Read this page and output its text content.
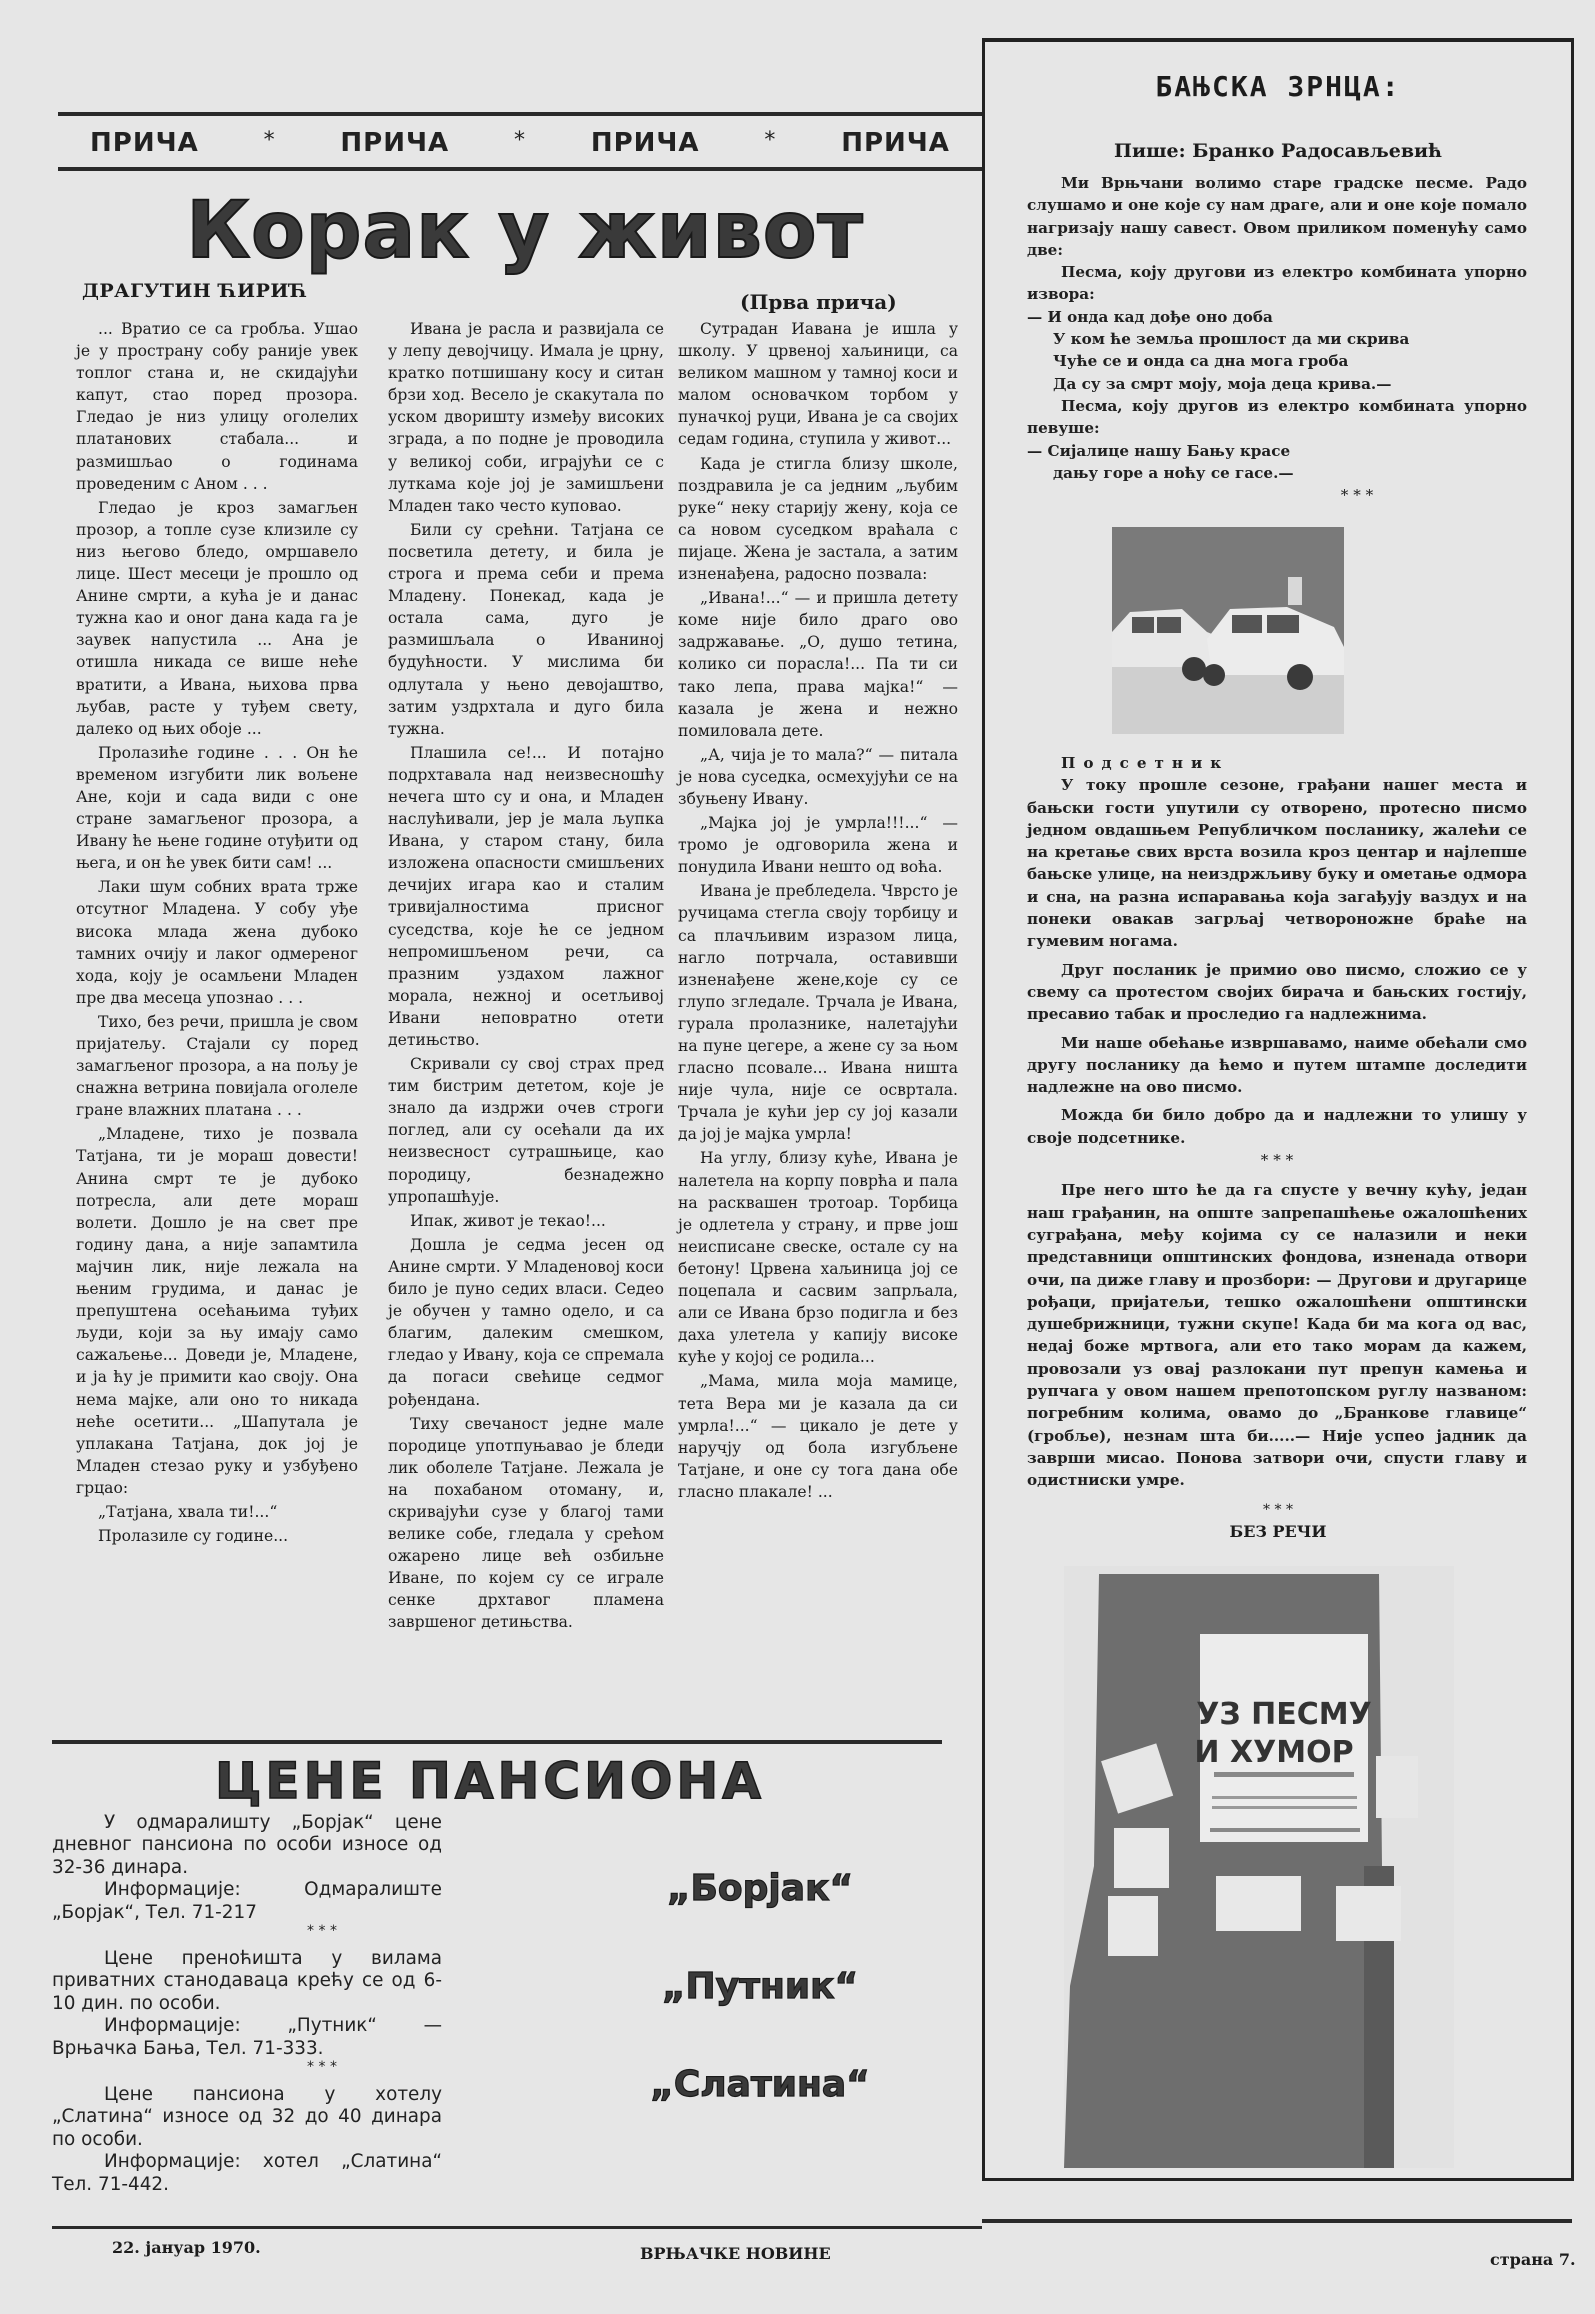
ПРИЧА	* ПРИЧА	* ПРИЧА	* ПРИЧА
Корак у живот
ДРАГУТИН ЋИРИЋ	(Прва прича)

... Вратио се са гробља. Ушао је у пространу собу раније увек топлог стана и, не скидајући капут, стао поред прозора. Гледао је низ улицу оголелих платанових стабала... и размишљао о годинама проведеним с Аном . . .

Гледао је кроз замагљен прозор, а топле сузе клизиле су низ његово бледо, омршавело лице. Шест месеци је прошло од Анине смрти, а кућа је и данас тужна као и оног дана када га је заувек напустила ... Ана је отишла никада се више неће вратити, а Ивана, њихова прва љубав, расте у туђем свету, далеко од њих обоје ...

Пролазиће године . . . Он ће временом изгубити лик вољене Ане, који и сада види с оне стране замагљеног прозора, а Ивану ће њене године отуђити од њега, и он ће увек бити сам! ...

Лаки шум собних врата тржe отсутног Младена. У собу уђе висока млада жена дубоко тамних очију и лаког одмереног хода, коју је осамљени Младен пре два месеца упознао . . .

Тихо, без речи, пришла је свом пријатељу. Стајали су поред замагљеног прозора, а на пољу је снажна ветрина повијала оголеле гране влажних платана . . .

„Младене, тихо је позвала Татјана, ти је мораш довести! Анина смрт те је дубоко потресла, али дете мораш волети. Дошло је на свет пре годину дана, а није запамтила мајчин лик, није лежала на њеним грудима, и данас је препуштена осећањима туђих људи, који за њу имају само сажаљење... Доведи је, Младене, и ја ћу је примити као своју. Она нема мајке, али оно то никада неће осетити... „Шапутала је уплакана Татјана, док јој је Младен стезао руку и узбуђено грцао:

„Татјана, хвала ти!...“

Пролазиле су године...

Ивана је расла и развијала се у лепу девојчицу. Имала је црну, кратко потшишану косу и ситан брзи ход. Весело је скакутала по уском дворишту између високих зграда, а по подне је проводила у великој соби, играјући се с луткама које јој је замишљени Младен тако често куповао.

Били су срећни. Татјана се посветила детету, и била је строга и према себи и према Младену. Понекад, када је остала сама, дуго је размишљала о Иваниној будућности. У мислима би одлутала у њено девојаштво, затим уздрхтала и дуго била тужна.

Плашила се!... И потајно подрхтавала над неизвесношћу нечега што су и она, и Младен наслућивали, јер је мала љупка Ивана, у старом стану, била изложена опасности смишљених дечијих игара као и сталим тривијалностима присног суседства, које ће се једном непромишљеном речи, са празним уздахом лажног морала, нежној и осетљивој Ивани неповратно отети детињство.

Скривали су свој страх пред тим бистрим дететом, које је знало да издржи очев строги поглед, али су осећали да их неизвесност сутрашњице, као породицу, безнадежно упропашћује.

Ипак, живот је текао!...

Дошла је седма јесен од Анине смрти. У Младеновој коси било је пуно седих власи. Седео је обучен у тамно одело, и са благим, далеким смешком, гледао у Ивану, која се спремала да погаси свећице седмог рођендана.

Тиху свечаност једне мале породице употпуњавао је бледи лик оболеле Татјане. Лежала је на похабаном отоману, и, скривајући сузе у благој тами велике собе, гледала у срећом ожарено лице већ озбиљне Иване, по којем су се играле сенке дрхтавог пламена завршеног детињства.

Сутрадан Иавана је ишла у школу. У црвеној хаљиници, са великом машном у тамној коси и малом основачком торбом у пуначкој руци, Ивана је са својих седам година, ступила у живот...

Када је стигла близу школе, поздравила је са једним „љубим руке“ неку старију жену, која се са новом суседком враћала с пијаце. Жена је застала, а затим изненађена, радосно позвала:

„Ивана!...“ — и пришла детету коме није било драго ово задржавање. „О, душо тетина, колико си порасла!... Па ти си тако лепа, права мајка!“ — казала је жена и нежно помиловала дете.

„А, чија је то мала?“ — питала је нова суседка, осмехујући се на збуњену Ивану.

„Мајка јој је умрла!!!...“ — тромо је одговорила жена и понудила Ивани нешто од воћа.

Ивана је пребледела. Чврсто је ручицама стегла своју торбицу и са плачљивим изразом лица, нагло потрчала, оставивши изненађене жене,које су се глупо згледале. Трчала је Ивана, гурала пролазнике, налетајући на пуне цегере, а жене су за њом гласно псовале... Ивана ништа није чула, није се освртала. Трчала је кући јер су јој казали да јој је мајка умрла!

На углу, близу куће, Ивана је налетела на корпу поврћа и пала на расквашен тротоар. Торбица је одлетела у страну, и прве још неисписане свеске, остале су на бетону! Црвена хаљиница јој се поцепала и сасвим запрљала, али се Ивана брзо подигла и без даха улетела у капију високе куће у којој се родила...

„Мама, мила моја мамице, тета Вера ми је казала да си умрла!...“ — цикало је дете у наручју од бола изгубљене Татјане, и оне су тога дана обе гласно плакале! ...

БАЊСКА ЗРНЦА:
Пише: Бранко Радосављевић

Ми Врњчани волимо старе градске песме. Радо слушамо и оне које су нам драге, али и оне које помало нагризају нашу савест. Овом приликом поменућу само две:

Песма, коју другови из електро комбината упорно извора:

— И онда кад дође оно доба

У ком ће земља прошлост да ми скрива

Чуће се и онда са дна мога гроба

Да су за смрт моју, моја деца крива.—

Песма, коју другов из електро комбината упорно певуше:

— Сијалице нашу Бању красе

дању горе а ноћу се гасе.—

* * *

Подсетник

У току прошле сезоне, грађани нашег места и бањски гости упутили су отворено, протесно писмо једном овдашњем Републичком посланику, жалећи се на кретање свих врста возила кроз центар и најлепше бањске улице, на неиздржљиву буку и ометање одмора и сна, на разна испаравања која загађују ваздух и на понеки овакав загрљај четвороножне браће на гумевим ногама.

Друг посланик је примио ово писмо, сложио се у свему са протестом својих бирача и бањских гостију, пресавио табак и проследио га надлежнима.

Ми наше обећање извршавамо, наиме обећали смо другу посланику да ћемо и путем штампе доследити надлежне на ово писмо.

Можда би било добро да и надлежни то улишу у своје подсетнике.

* * *

Пре него што ће да га спусте у вечну кућу, један наш грађанин, на опште запрепашћење ожалошћених суграђана, међу којима су се налазили и неки представници општинских фондова, изненада отвори очи, па диже главу и прозбори: — Другови и другарице рођаци, пријатељи, тешко ожалошћени општински душебрижници, тужни скупе! Када би ма кога од вас, недај боже мртвога, али ето тако морам да кажем, провозали уз овај разлокани пут препун камења и рупчага у овом нашем препотопском руглу названом: погребним колима, овамо до „Бранкове главице“ (гробље), незнам шта би.....— Није успео јадник да заврши мисао. Понова затвори очи, спусти главу и одистниски умре.

* * *
БЕЗ РЕЧИ
УЗ ПЕСМУ
И ХУМОР
ЦЕНЕ ПАНСИОНА

У одмаралишту „Борјак“ цене дневног пансиона по особи износе од 32-36 динара.

Информације: Одмаралиште „Борјак“, Тел. 71-217

* * *

Цене преноћишта у вилама приватних станодаваца крећу се од 6-10 дин. по особи.

Информације: „Путник“ — Врњачка Бања, Тел. 71-333.

* * *

Цене пансиона у хотелу „Слатина“ износе од 32 до 40 динара по особи.

Информације: хотел „Слатина“ Тел. 71-442.

„Борјак“
„Путник“
„Слатина“
22. јануар 1970.	ВРЊАЧКЕ НОВИНЕ	страна 7.
